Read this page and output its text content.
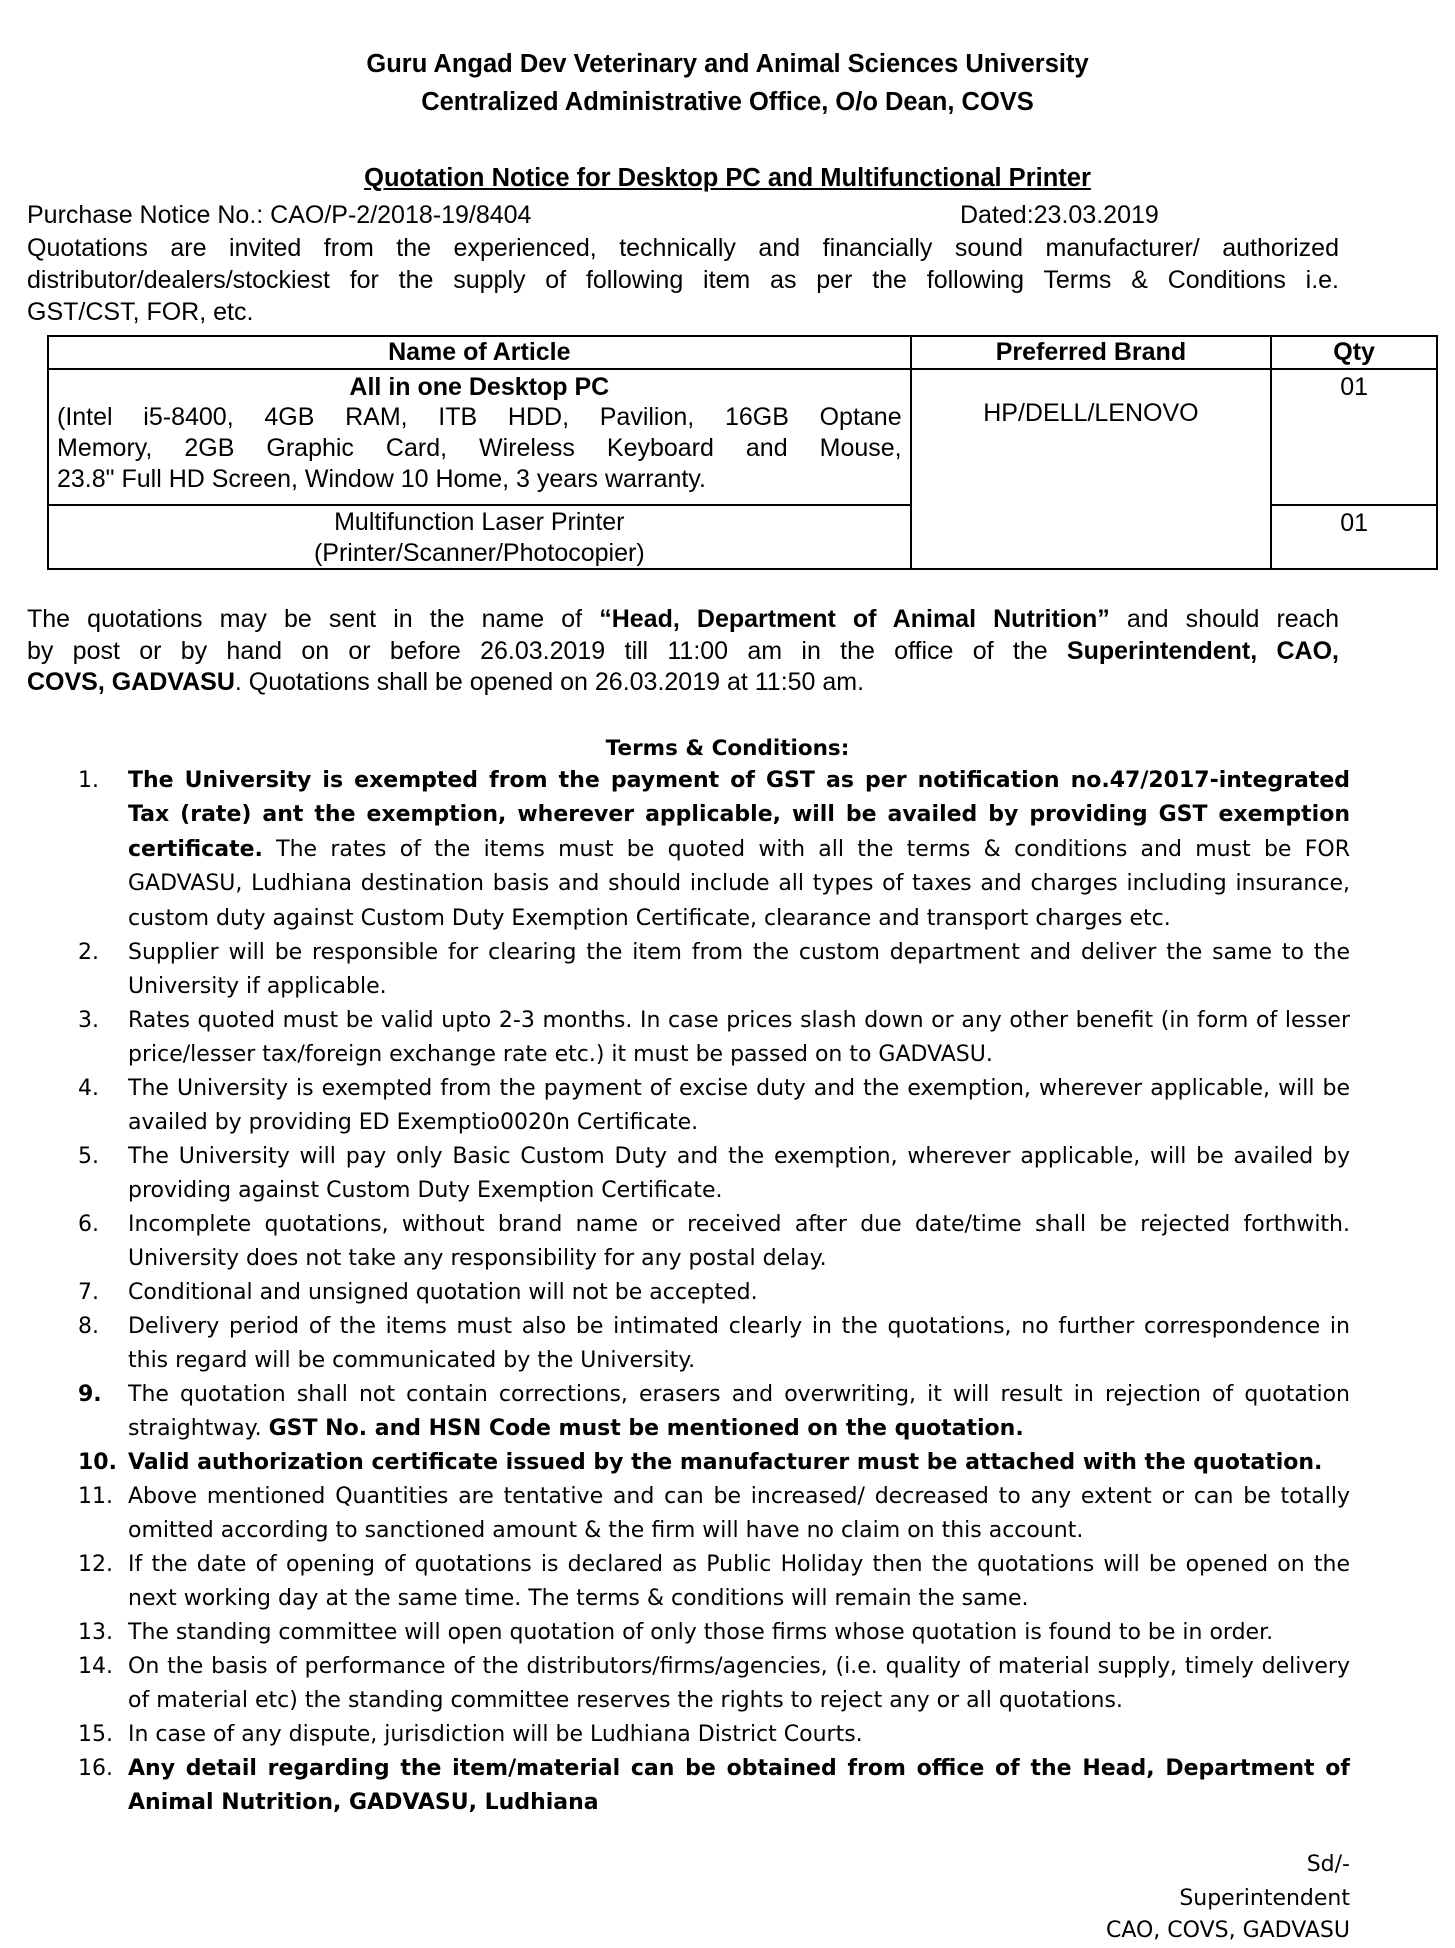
Guru Angad Dev Veterinary and Animal Sciences University
Centralized Administrative Office, O/o Dean, COVS
Quotation Notice for Desktop PC and Multifunctional Printer
Purchase Notice No.: CAO/P-2/2018-19/8404	Dated:23.03.2019
Quotations are invited from the experienced, technically and financially sound manufacturer/ authorized
distributor/dealers/stockiest for the supply of following item as per the following Terms & Conditions i.e.
GST/CST, FOR, etc.
Name of Article	Preferred Brand	Qty

All in one Desktop PC
(Intel i5-8400, 4GB RAM, ITB HDD, Pavilion, 16GB Optane
Memory, 2GB Graphic Card, Wireless Keyboard and Mouse,
23.8" Full HD Screen, Window 10 Home, 3 years warranty.	HP/DELL/LENOVO	01

Multifunction Laser Printer
(Printer/Scanner/Photocopier)		01
The quotations may be sent in the name of “Head, Department of Animal Nutrition” and should reach
by post or by hand on or before 26.03.2019 till 11:00 am in the office of the Superintendent, CAO,
COVS, GADVASU. Quotations shall be opened on 26.03.2019 at 11:50 am.
Terms & Conditions:
1.	The University is exempted from the payment of GST as per notification no.47/2017-integrated Tax (rate) ant the exemption, wherever applicable, will be availed by providing GST exemption certificate. The rates of the items must be quoted with all the terms & conditions and must be FOR GADVASU, Ludhiana destination basis and should include all types of taxes and charges including insurance, custom duty against Custom Duty Exemption Certificate, clearance and transport charges etc.
2.	Supplier will be responsible for clearing the item from the custom department and deliver the same to the University if applicable.
3.	Rates quoted must be valid upto 2-3 months. In case prices slash down or any other benefit (in form of lesser price/lesser tax/foreign exchange rate etc.) it must be passed on to GADVASU.
4.	The University is exempted from the payment of excise duty and the exemption, wherever applicable, will be availed by providing ED Exemptio0020n Certificate.
5.	The University will pay only Basic Custom Duty and the exemption, wherever applicable, will be availed by providing against Custom Duty Exemption Certificate.
6.	Incomplete quotations, without brand name or received after due date/time shall be rejected forthwith. University does not take any responsibility for any postal delay.
7.	Conditional and unsigned quotation will not be accepted.
8.	Delivery period of the items must also be intimated clearly in the quotations, no further correspondence in this regard will be communicated by the University.
9.	The quotation shall not contain corrections, erasers and overwriting, it will result in rejection of quotation straightway. GST No. and HSN Code must be mentioned on the quotation.
10. Valid authorization certificate issued by the manufacturer must be attached with the quotation.
11. Above mentioned Quantities are tentative and can be increased/ decreased to any extent or can be totally omitted according to sanctioned amount & the firm will have no claim on this account.
12. If the date of opening of quotations is declared as Public Holiday then the quotations will be opened on the next working day at the same time. The terms & conditions will remain the same.
13. The standing committee will open quotation of only those firms whose quotation is found to be in order.
14. On the basis of performance of the distributors/firms/agencies, (i.e. quality of material supply, timely delivery of material etc) the standing committee reserves the rights to reject any or all quotations.
15. In case of any dispute, jurisdiction will be Ludhiana District Courts.
16. Any detail regarding the item/material can be obtained from office of the Head, Department of Animal Nutrition, GADVASU, Ludhiana
Sd/-
Superintendent
CAO, COVS, GADVASU
